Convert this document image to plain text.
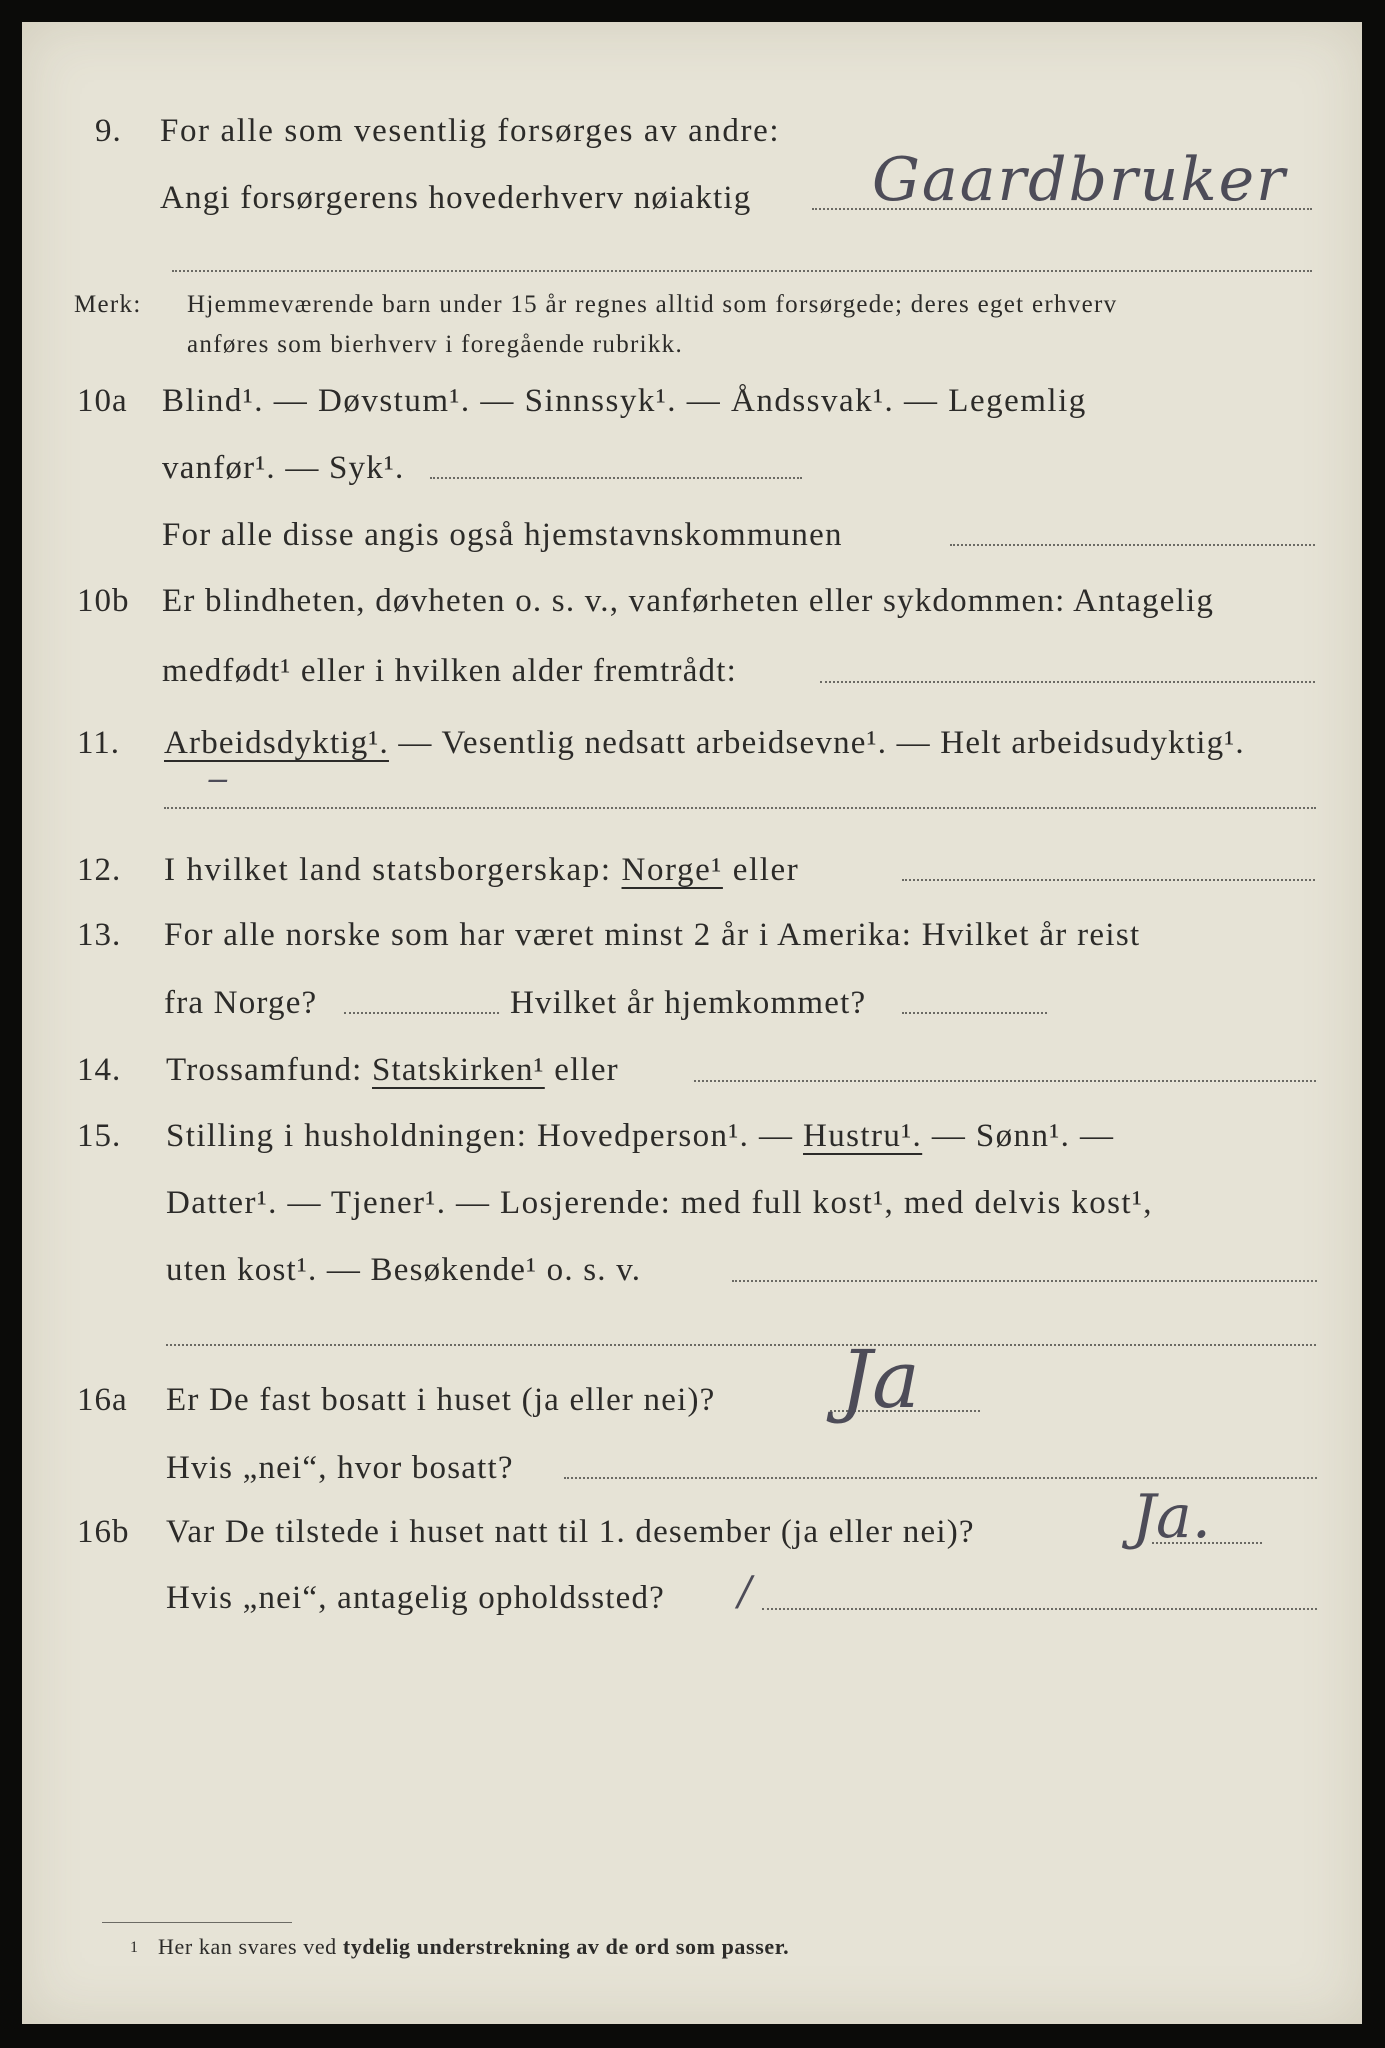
9. For alle som vesentlig forsørges av andre:
Angi forsørgerens hovederhverv nøiaktig Gaardbruker
Merk: Hjemmeværende barn under 15 år regnes alltid som forsørgede; deres eget erhverv
anføres som bierhverv i foregående rubrikk.
10a Blind¹. — Døvstum¹. — Sinnssyk¹. — Åndssvak¹. — Legemlig
vanfør¹. — Syk¹.
For alle disse angis også hjemstavnskommunen
10b Er blindheten, døvheten o. s. v., vanførheten eller sykdommen: Antagelig
medfødt¹ eller i hvilken alder fremtrådt:
11. Arbeidsdyktig¹. — Vesentlig nedsatt arbeidsevne¹. — Helt arbeidsudyktig¹.
‒
12. I hvilket land statsborgerskap: Norge¹ eller
13. For alle norske som har været minst 2 år i Amerika: Hvilket år reist
fra Norge?	Hvilket år hjemkommet?
14. Trossamfund: Statskirken¹ eller
15. Stilling i husholdningen: Hovedperson¹. — Hustru¹. — Sønn¹. —
Datter¹. — Tjener¹. — Losjerende: med full kost¹, med delvis kost¹,
uten kost¹. — Besøkende¹ o. s. v.
16a Er De fast bosatt i huset (ja eller nei)? Ja
Hvis „nei“, hvor bosatt?
16b Var De tilstede i huset natt til 1. desember (ja eller nei)?	Ja.
Hvis „nei“, antagelig opholdssted? /
1 Her kan svares ved tydelig understrekning av de ord som passer.
